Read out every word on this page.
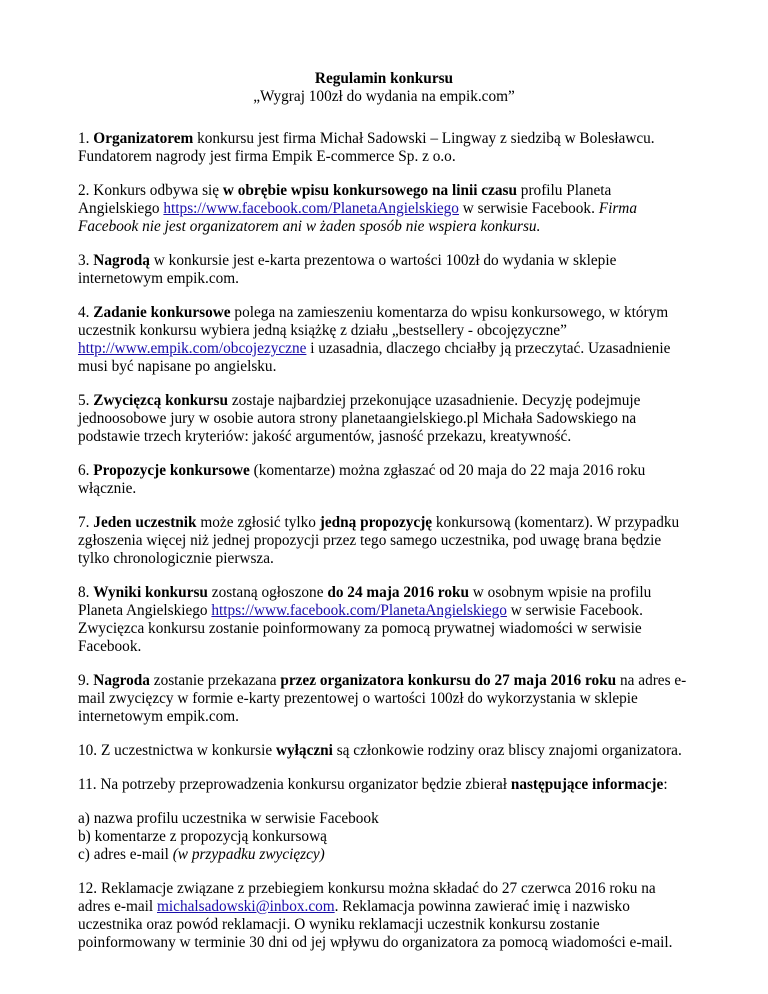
Regulamin konkursu
„Wygraj 100zł do wydania na empik.com”

1. Organizatorem konkursu jest firma Michał Sadowski – Lingway z siedzibą w Bolesławcu. Fundatorem nagrody jest firma Empik E-commerce Sp. z o.o.

2. Konkurs odbywa się w obrębie wpisu konkursowego na linii czasu profilu Planeta Angielskiego https://www.facebook.com/PlanetaAngielskiego w serwisie Facebook. Firma Facebook nie jest organizatorem ani w żaden sposób nie wspiera konkursu.

3. Nagrodą w konkursie jest e-karta prezentowa o wartości 100zł do wydania w sklepie internetowym empik.com.

4. Zadanie konkursowe polega na zamieszeniu komentarza do wpisu konkursowego, w którym uczestnik konkursu wybiera jedną książkę z działu „bestsellery - obcojęzyczne” http://www.empik.com/obcojezyczne i uzasadnia, dlaczego chciałby ją przeczytać. Uzasadnienie musi być napisane po angielsku.

5. Zwycięzcą konkursu zostaje najbardziej przekonujące uzasadnienie. Decyzję podejmuje jednoosobowe jury w osobie autora strony planetaangielskiego.pl Michała Sadowskiego na podstawie trzech kryteriów: jakość argumentów, jasność przekazu, kreatywność.

6. Propozycje konkursowe (komentarze) można zgłaszać od 20 maja do 22 maja 2016 roku włącznie.

7. Jeden uczestnik może zgłosić tylko jedną propozycję konkursową (komentarz). W przypadku zgłoszenia więcej niż jednej propozycji przez tego samego uczestnika, pod uwagę brana będzie tylko chronologicznie pierwsza.

8. Wyniki konkursu zostaną ogłoszone do 24 maja 2016 roku w osobnym wpisie na profilu Planeta Angielskiego https://www.facebook.com/PlanetaAngielskiego w serwisie Facebook. Zwycięzca konkursu zostanie poinformowany za pomocą prywatnej wiadomości w serwisie Facebook.

9. Nagroda zostanie przekazana przez organizatora konkursu do 27 maja 2016 roku na adres e-mail zwycięzcy w formie e-karty prezentowej o wartości 100zł do wykorzystania w sklepie internetowym empik.com.

10. Z uczestnictwa w konkursie wyłączni są członkowie rodziny oraz bliscy znajomi organizatora.

11. Na potrzeby przeprowadzenia konkursu organizator będzie zbierał następujące informacje:

a) nazwa profilu uczestnika w serwisie Facebook
b) komentarze z propozycją konkursową
c) adres e-mail (w przypadku zwycięzcy)

12. Reklamacje związane z przebiegiem konkursu można składać do 27 czerwca 2016 roku na adres e-mail michalsadowski@inbox.com. Reklamacja powinna zawierać imię i nazwisko uczestnika oraz powód reklamacji. O wyniku reklamacji uczestnik konkursu zostanie poinformowany w terminie 30 dni od jej wpływu do organizatora za pomocą wiadomości e-mail.
